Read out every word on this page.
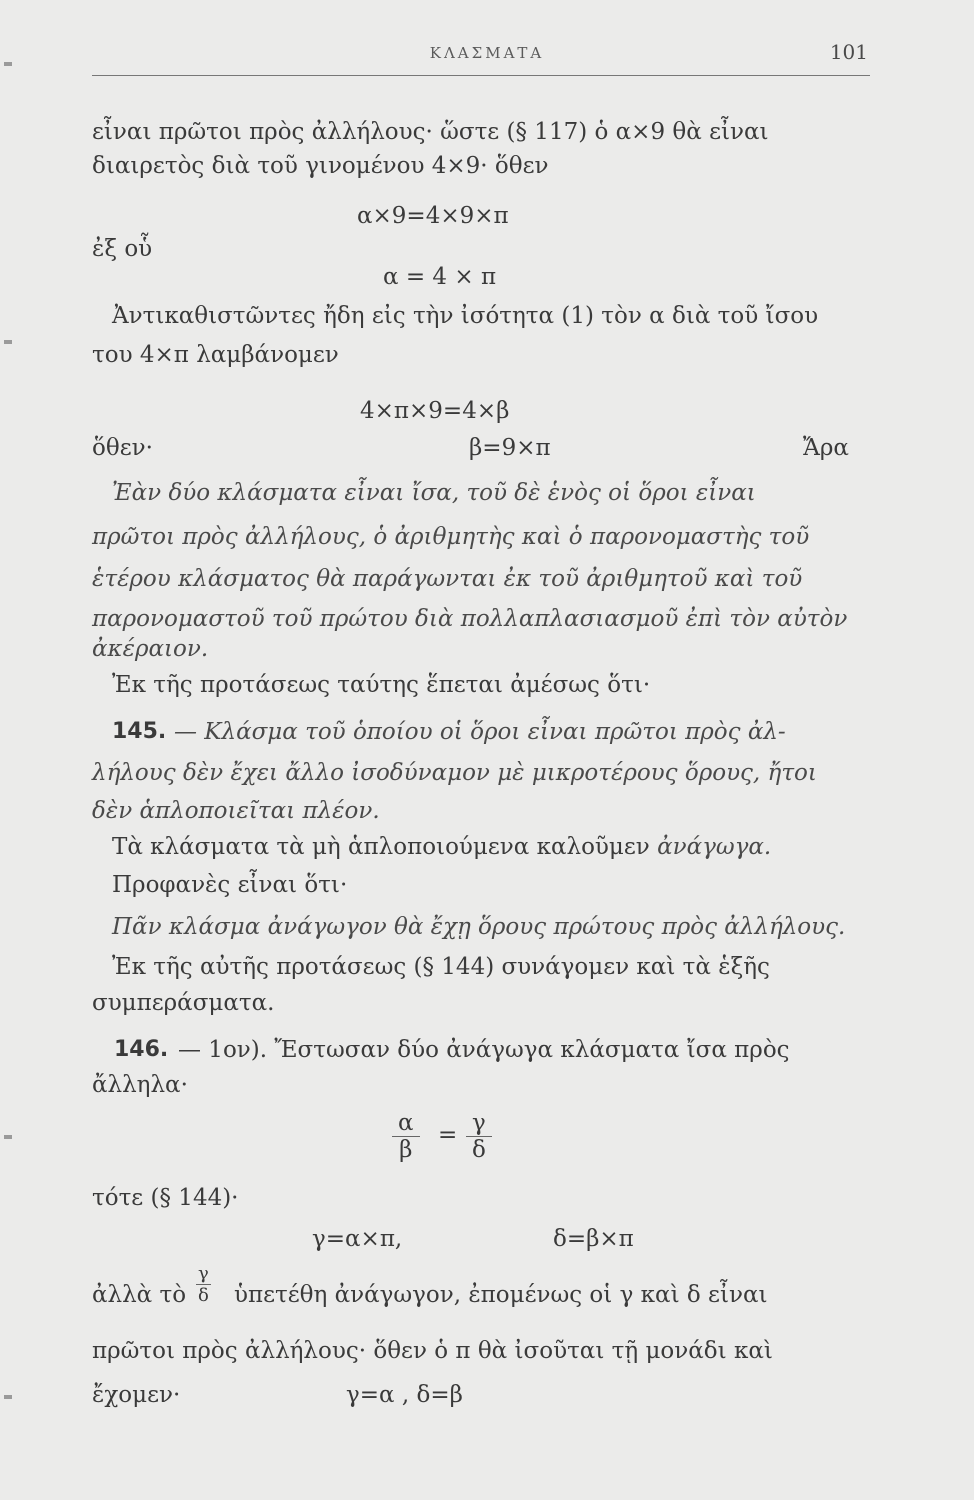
ΚΛΑΣΜΑΤΑ	101
εἶναι πρῶτοι πρὸς ἀλλήλους· ὥστε (§ 117) ὁ α×9 θὰ εἶναι
διαιρετὸς διὰ τοῦ γινομένου 4×9· ὅθεν
α×9=4×9×π
ἐξ οὗ
α = 4 × π
Ἀντικαθιστῶντες ἤδη εἰς τὴν ἰσότητα (1) τὸν α διὰ τοῦ ἴσου
του 4×π λαμβάνομεν
4×π×9=4×β
ὅθεν·	β=9×π	Ἄρα
Ἐὰν δύο κλάσματα εἶναι ἴσα, τοῦ δὲ ἑνὸς οἱ ὅροι εἶναι
πρῶτοι πρὸς ἀλλήλους, ὁ ἀριθμητὴς καὶ ὁ παρονομαστὴς τοῦ
ἑτέρου κλάσματος θὰ παράγωνται ἐκ τοῦ ἀριθμητοῦ καὶ τοῦ
παρονομαστοῦ τοῦ πρώτου διὰ πολλαπλασιασμοῦ ἐπὶ τὸν αὐτὸν
ἀκέραιον.
Ἐκ τῆς προτάσεως ταύτης ἕπεται ἀμέσως ὅτι·
145. — Κλάσμα τοῦ ὁποίου οἱ ὅροι εἶναι πρῶτοι πρὸς ἀλ-
λήλους δὲν ἔχει ἄλλο ἰσοδύναμον μὲ μικροτέρους ὅρους, ἤτοι
δὲν ἁπλοποιεῖται πλέον.
Τὰ κλάσματα τὰ μὴ ἁπλοποιούμενα καλοῦμεν ἀνάγωγα.
Προφανὲς εἶναι ὅτι·
Πᾶν κλάσμα ἀνάγωγον θὰ ἔχῃ ὅρους πρώτους πρὸς ἀλλήλους.
Ἐκ τῆς αὐτῆς προτάσεως (§ 144) συνάγομεν καὶ τὰ ἑξῆς
συμπεράσματα.
146. — 1ον). Ἔστωσαν δύο ἀνάγωγα κλάσματα ἴσα πρὸς
ἄλληλα·
$\frac{\alpha}{\beta} = \frac{\gamma}{\delta}$
τότε (§ 144)·
γ=α×π,	δ=β×π
ἀλλὰ τὸ $\frac{\gamma}{\delta}$ ὑπετέθη ἀνάγωγον, ἐπομένως οἱ γ καὶ δ εἶναι
πρῶτοι πρὸς ἀλλήλους· ὅθεν ὁ π θὰ ἰσοῦται τῇ μονάδι καὶ
ἔχομεν·	γ=α , δ=β
